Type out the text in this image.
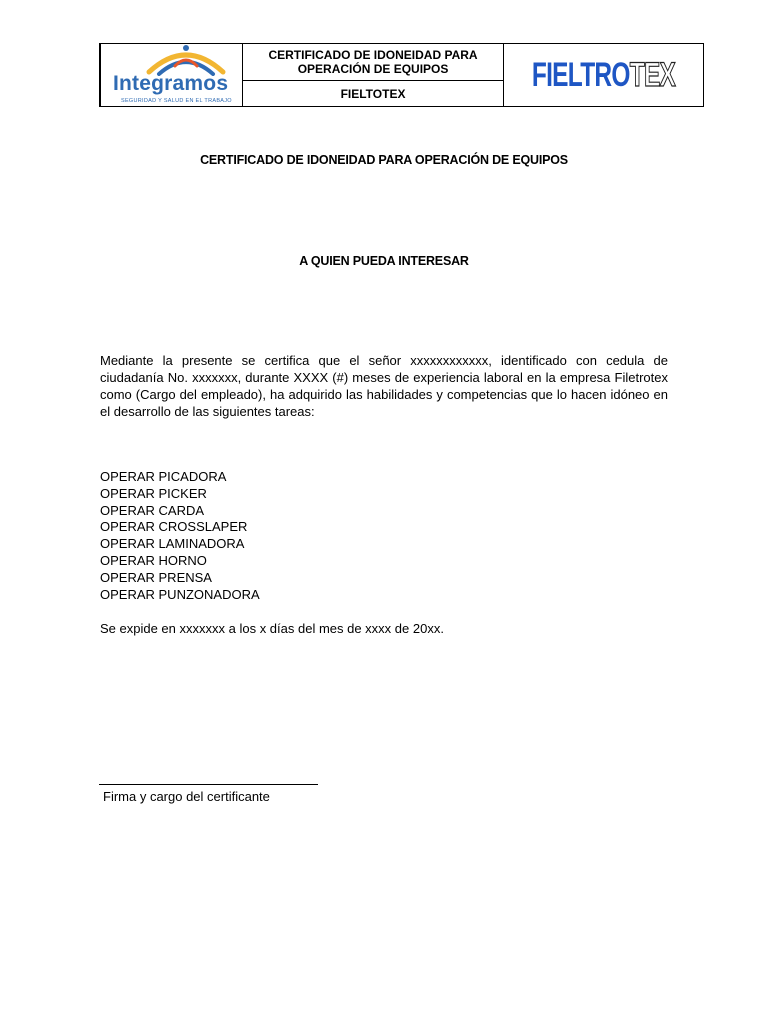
Integramos
SEGURIDAD Y SALUD EN EL TRABAJO
CERTIFICADO DE IDONEIDAD PARA
OPERACIÓN DE EQUIPOS
FIELTOTEX	FIELTRO TEX
CERTIFICADO DE IDONEIDAD PARA OPERACIÓN DE EQUIPOS
A QUIEN PUEDA INTERESAR
Mediante la presente se certifica que el señor xxxxxxxxxxxx, identificado con cedula de ciudadanía No. xxxxxxx, durante XXXX (#) meses de experiencia laboral en la empresa Filetrotex como (Cargo del empleado), ha adquirido las habilidades y competencias que lo hacen idóneo en el desarrollo de las siguientes tareas:
OPERAR PICADORA
OPERAR PICKER
OPERAR CARDA
OPERAR CROSSLAPER
OPERAR LAMINADORA
OPERAR HORNO
OPERAR PRENSA
OPERAR PUNZONADORA
Se expide en xxxxxxx a los x días del mes de xxxx de 20xx.
Firma y cargo del certificante
